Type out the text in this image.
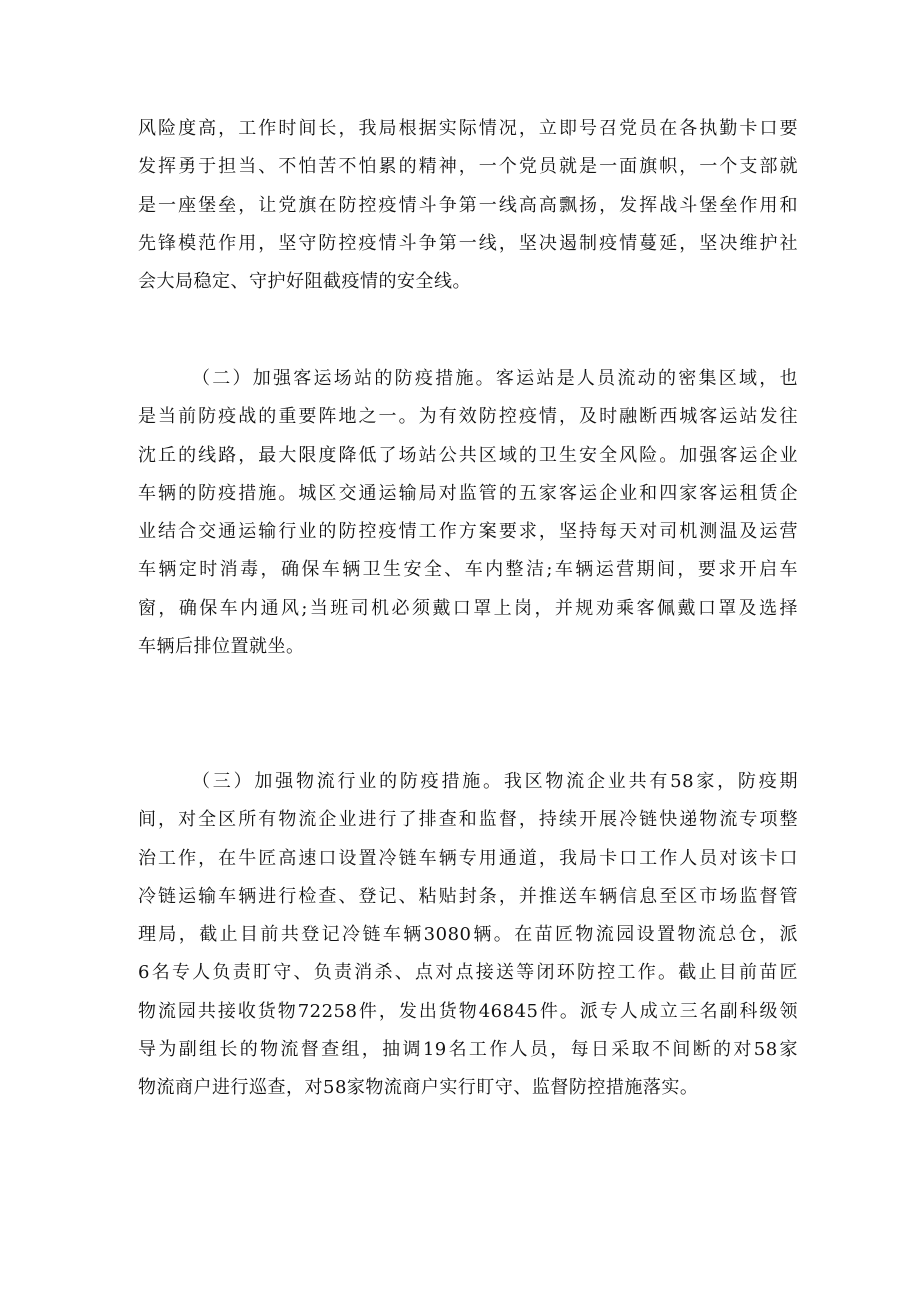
风险度高，工作时间长，我局根据实际情况，立即号召党员在各执勤卡口要
发挥勇于担当、不怕苦不怕累的精神，一个党员就是一面旗帜，一个支部就
是一座堡垒，让党旗在防控疫情斗争第一线高高飘扬，发挥战斗堡垒作用和
先锋模范作用，坚守防控疫情斗争第一线，坚决遏制疫情蔓延，坚决维护社
会大局稳定、守护好阻截疫情的安全线。
（二）加强客运场站的防疫措施。客运站是人员流动的密集区域，也
是当前防疫战的重要阵地之一。为有效防控疫情，及时融断西城客运站发往
沈丘的线路，最大限度降低了场站公共区域的卫生安全风险。加强客运企业
车辆的防疫措施。城区交通运输局对监管的五家客运企业和四家客运租赁企
业结合交通运输行业的防控疫情工作方案要求，坚持每天对司机测温及运营
车辆定时消毒，确保车辆卫生安全、车内整洁;车辆运营期间，要求开启车
窗，确保车内通风;当班司机必须戴口罩上岗，并规劝乘客佩戴口罩及选择
车辆后排位置就坐。
（三）加强物流行业的防疫措施。我区物流企业共有58家，防疫期
间，对全区所有物流企业进行了排查和监督，持续开展冷链快递物流专项整
治工作，在牛匠高速口设置冷链车辆专用通道，我局卡口工作人员对该卡口
冷链运输车辆进行检查、登记、粘贴封条，并推送车辆信息至区市场监督管
理局，截止目前共登记冷链车辆3080辆。在苗匠物流园设置物流总仓，派
6名专人负责盯守、负责消杀、点对点接送等闭环防控工作。截止目前苗匠
物流园共接收货物72258件，发出货物46845件。派专人成立三名副科级领
导为副组长的物流督查组，抽调19名工作人员，每日采取不间断的对58家
物流商户进行巡查，对58家物流商户实行盯守、监督防控措施落实。
